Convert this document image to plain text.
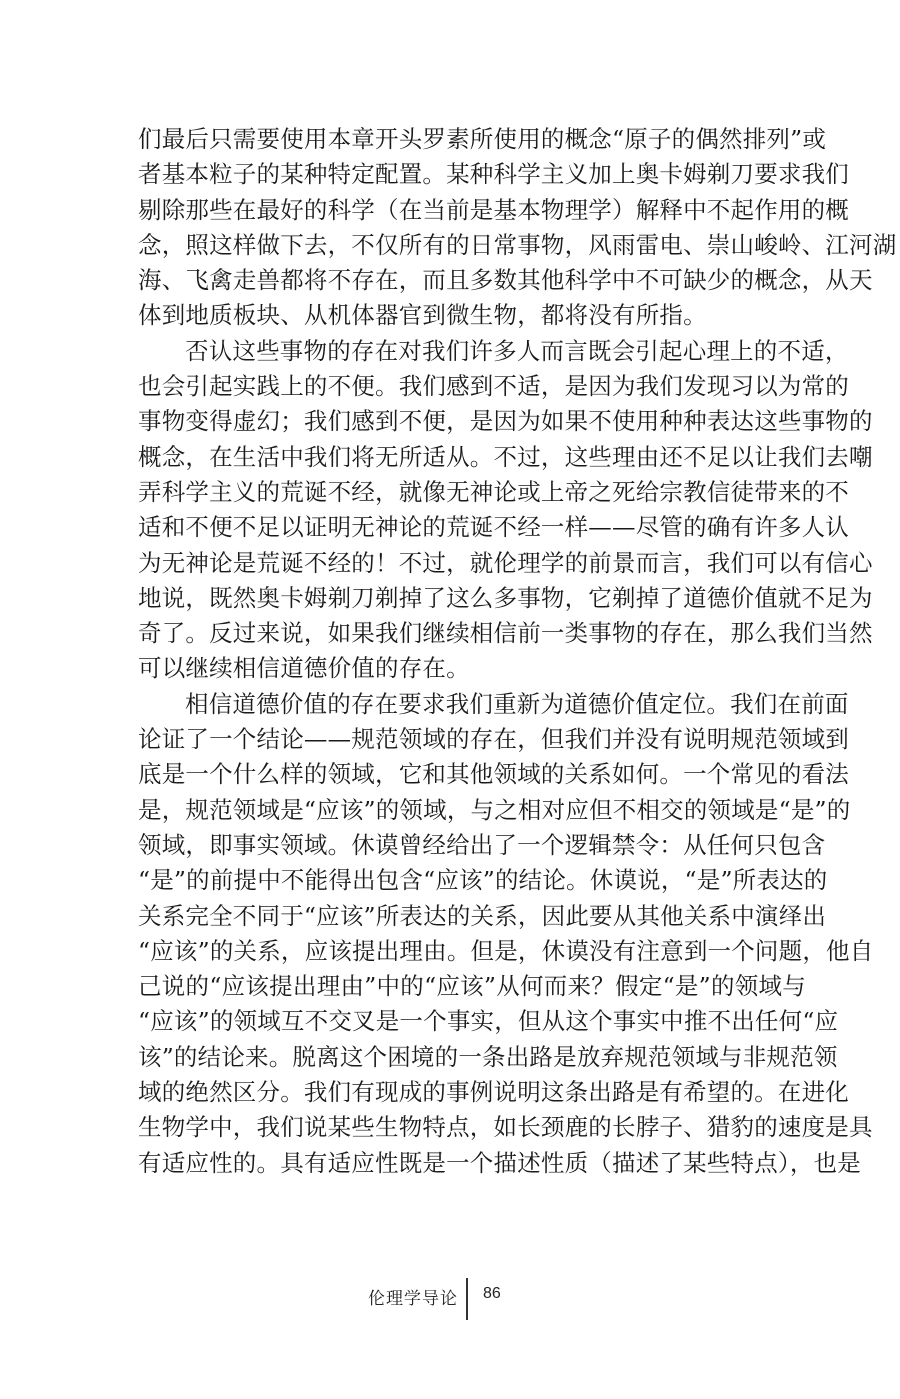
们最后只需要使用本章开头罗素所使用的概念“原子的偶然排列”或
者基本粒子的某种特定配置。某种科学主义加上奥卡姆剃刀要求我们
剔除那些在最好的科学（在当前是基本物理学）解释中不起作用的概
念，照这样做下去，不仅所有的日常事物，风雨雷电、崇山峻岭、江河湖
海、飞禽走兽都将不存在，而且多数其他科学中不可缺少的概念，从天
体到地质板块、从机体器官到微生物，都将没有所指。
否认这些事物的存在对我们许多人而言既会引起心理上的不适，
也会引起实践上的不便。我们感到不适，是因为我们发现习以为常的
事物变得虚幻；我们感到不便，是因为如果不使用种种表达这些事物的
概念，在生活中我们将无所适从。不过，这些理由还不足以让我们去嘲
弄科学主义的荒诞不经，就像无神论或上帝之死给宗教信徒带来的不
适和不便不足以证明无神论的荒诞不经一样——尽管的确有许多人认
为无神论是荒诞不经的！不过，就伦理学的前景而言，我们可以有信心
地说，既然奥卡姆剃刀剃掉了这么多事物，它剃掉了道德价值就不足为
奇了。反过来说，如果我们继续相信前一类事物的存在，那么我们当然
可以继续相信道德价值的存在。
相信道德价值的存在要求我们重新为道德价值定位。我们在前面
论证了一个结论——规范领域的存在，但我们并没有说明规范领域到
底是一个什么样的领域，它和其他领域的关系如何。一个常见的看法
是，规范领域是“应该”的领域，与之相对应但不相交的领域是“是”的
领域，即事实领域。休谟曾经给出了一个逻辑禁令：从任何只包含
“是”的前提中不能得出包含“应该”的结论。休谟说，“是”所表达的
关系完全不同于“应该”所表达的关系，因此要从其他关系中演绎出
“应该”的关系，应该提出理由。但是，休谟没有注意到一个问题，他自
己说的“应该提出理由”中的“应该”从何而来？假定“是”的领域与
“应该”的领域互不交叉是一个事实，但从这个事实中推不出任何“应
该”的结论来。脱离这个困境的一条出路是放弃规范领域与非规范领
域的绝然区分。我们有现成的事例说明这条出路是有希望的。在进化
生物学中，我们说某些生物特点，如长颈鹿的长脖子、猎豹的速度是具
有适应性的。具有适应性既是一个描述性质（描述了某些特点），也是
伦理学导论 86
